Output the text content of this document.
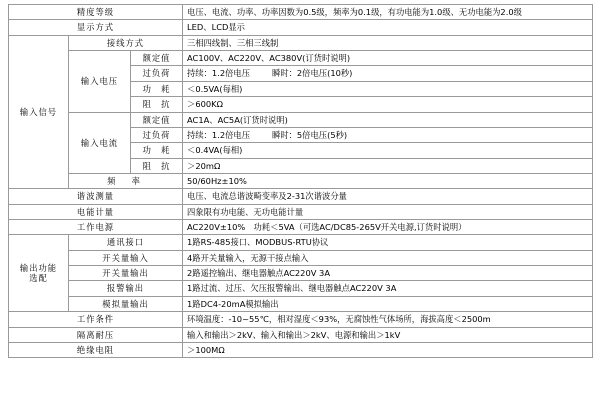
精度等级			电压、电流、功率、功率因数为0.5级，频率为0.1级，有功电能为1.0级、无功电能为2.0级
显示方式			LED、LCD显示
输入信号	接线方式		三相四线制、三相三线制
	输入电压	额定值	AC100V、AC220V、AC380V(订货时说明)
		过负荷	持续：1.2倍电压 瞬时：2倍电压(10秒)
		功　耗	＜0.5VA(每相)
		阻　抗	＞600KΩ
	输入电流	额定值	AC1A、AC5A(订货时说明)
		过负荷	持续：1.2倍电压 瞬时：5倍电压(5秒)
		功　耗	＜0.4VA(每相)
		阻　抗	＞20mΩ
	频　率		50/60Hz±10%
谐波测量			电压、电流总谐波畸变率及2-31次谐波分量
电能计量			四象限有功电能、无功电能计量
工作电源			AC220V±10%　功耗＜5VA（可选AC/DC85-265V开关电源,订货时说明）
输出功能
选配	通讯接口		1路RS-485接口、MODBUS-RTU协议
	开关量输入		4路开关量输入，无源干接点输入
	开关量输出		2路遥控输出、继电器触点AC220V 3A
	报警输出		1路过流、过压、欠压报警输出、继电器触点AC220V 3A
	模拟量输出		1路DC4-20mA模拟输出
工作条件			环境温度：-10~55℃，相对湿度＜93%，无腐蚀性气体场所，海拔高度＜2500m
隔离耐压			输入和输出＞2kV、输入和输出＞2kV、电源和输出＞1kV
绝缘电阻			＞100MΩ
